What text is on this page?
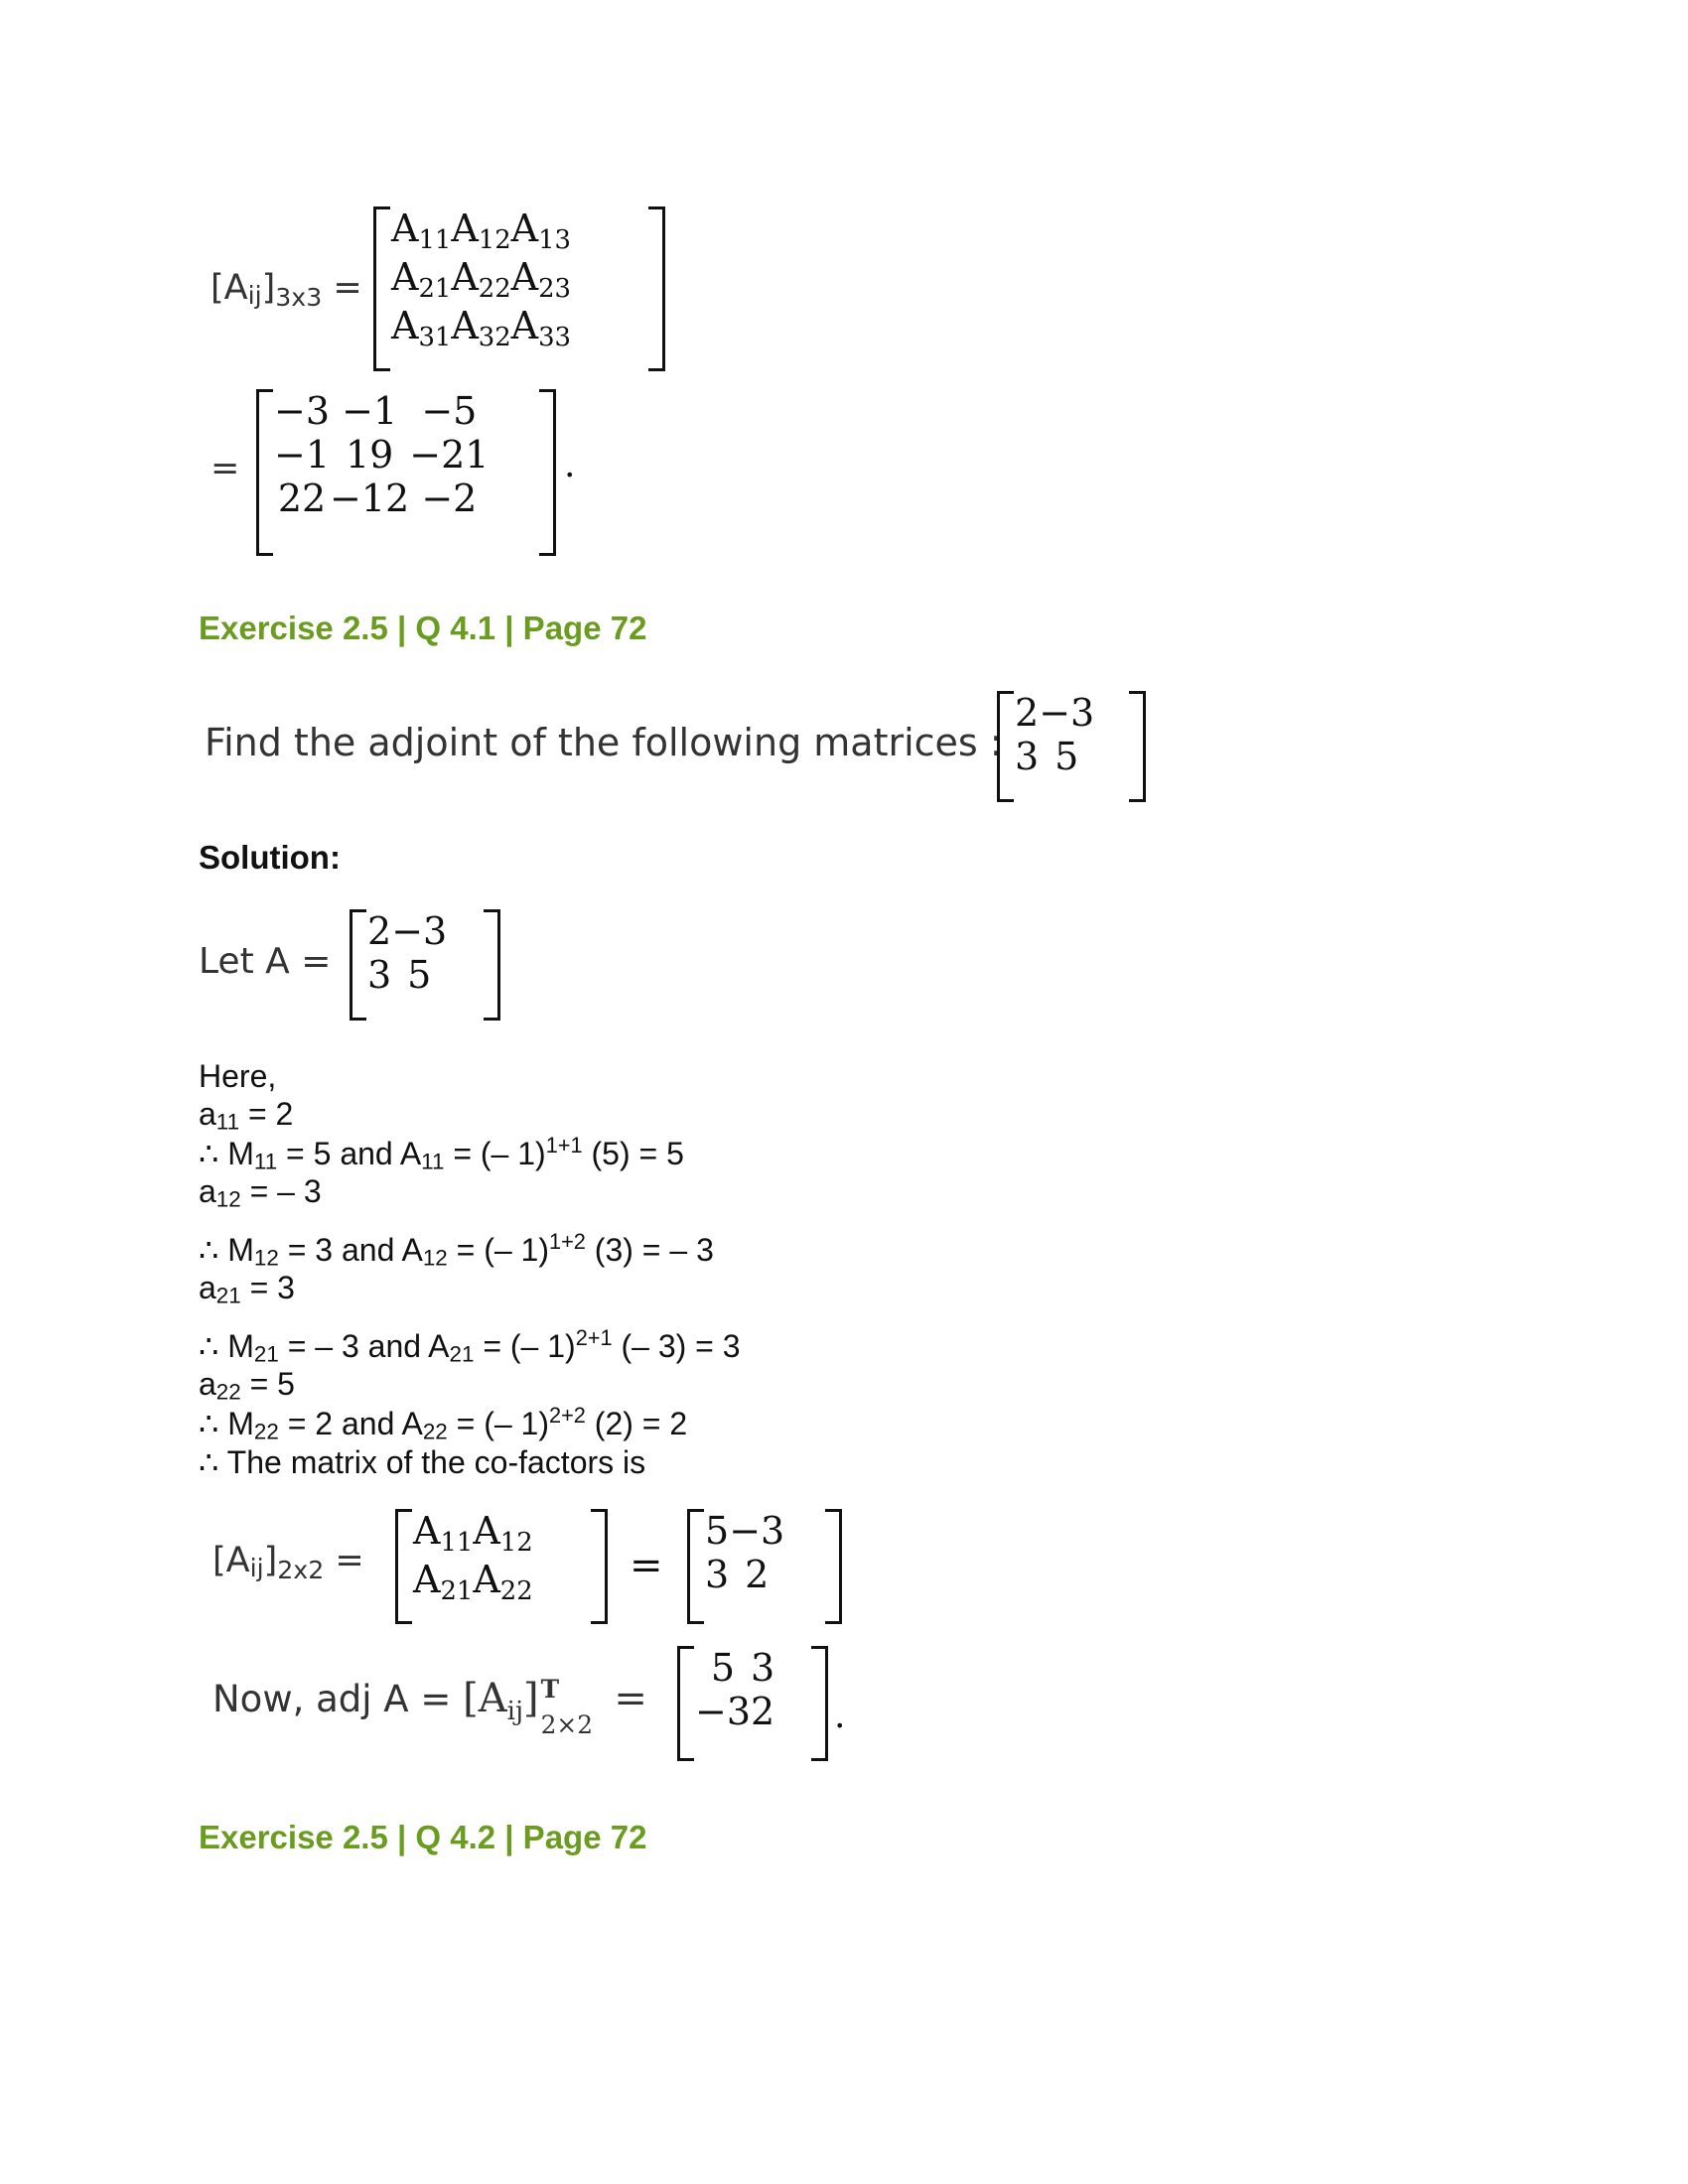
$[Aij]_{3x3}$ =
$A_{11}$	$A_{12}$	$A_{13}$
$A_{21}$	$A_{22}$	$A_{23}$
$A_{31}$	$A_{32}$	$A_{33}$
=
−3	−1	−5
−1	19	−21
22	−12	−2
.
Exercise 2.5 | Q 4.1 | Page 72
Find the adjoint of the following matrices :
2	−3
3	5
Solution:
Let A =
2	−3
3	5
Here,
$a_{11} = 2$
∴ $M_{11} = 5$ and $A_{11}$ = (– 1)$^{1+1}$ (5) = 5
$a_{12}$ = – 3
∴ $M_{12} = 3$ and $A_{12}$ = (– 1)$^{1+2}$ (3) = – 3
$a_{21} = 3$
∴ $M_{21}$ = – 3 and $A_{21}$ = (– 1)$^{2+1}$ (– 3) = 3
$a_{22} = 5$
∴ $M_{22} = 2$ and $A_{22}$ = (– 1)$^{2+2}$ (2) = 2
∴ The matrix of the co-factors is
$[Aij]_{2x2}$ =
$A_{11}$	$A_{12}$
$A_{21}$	$A_{22}$
=
5	−3
3	2
Now, adj $A = [A_{ij}]$ T
2×2
=
5	3
−3	2 .
Exercise 2.5 | Q 4.2 | Page 72
